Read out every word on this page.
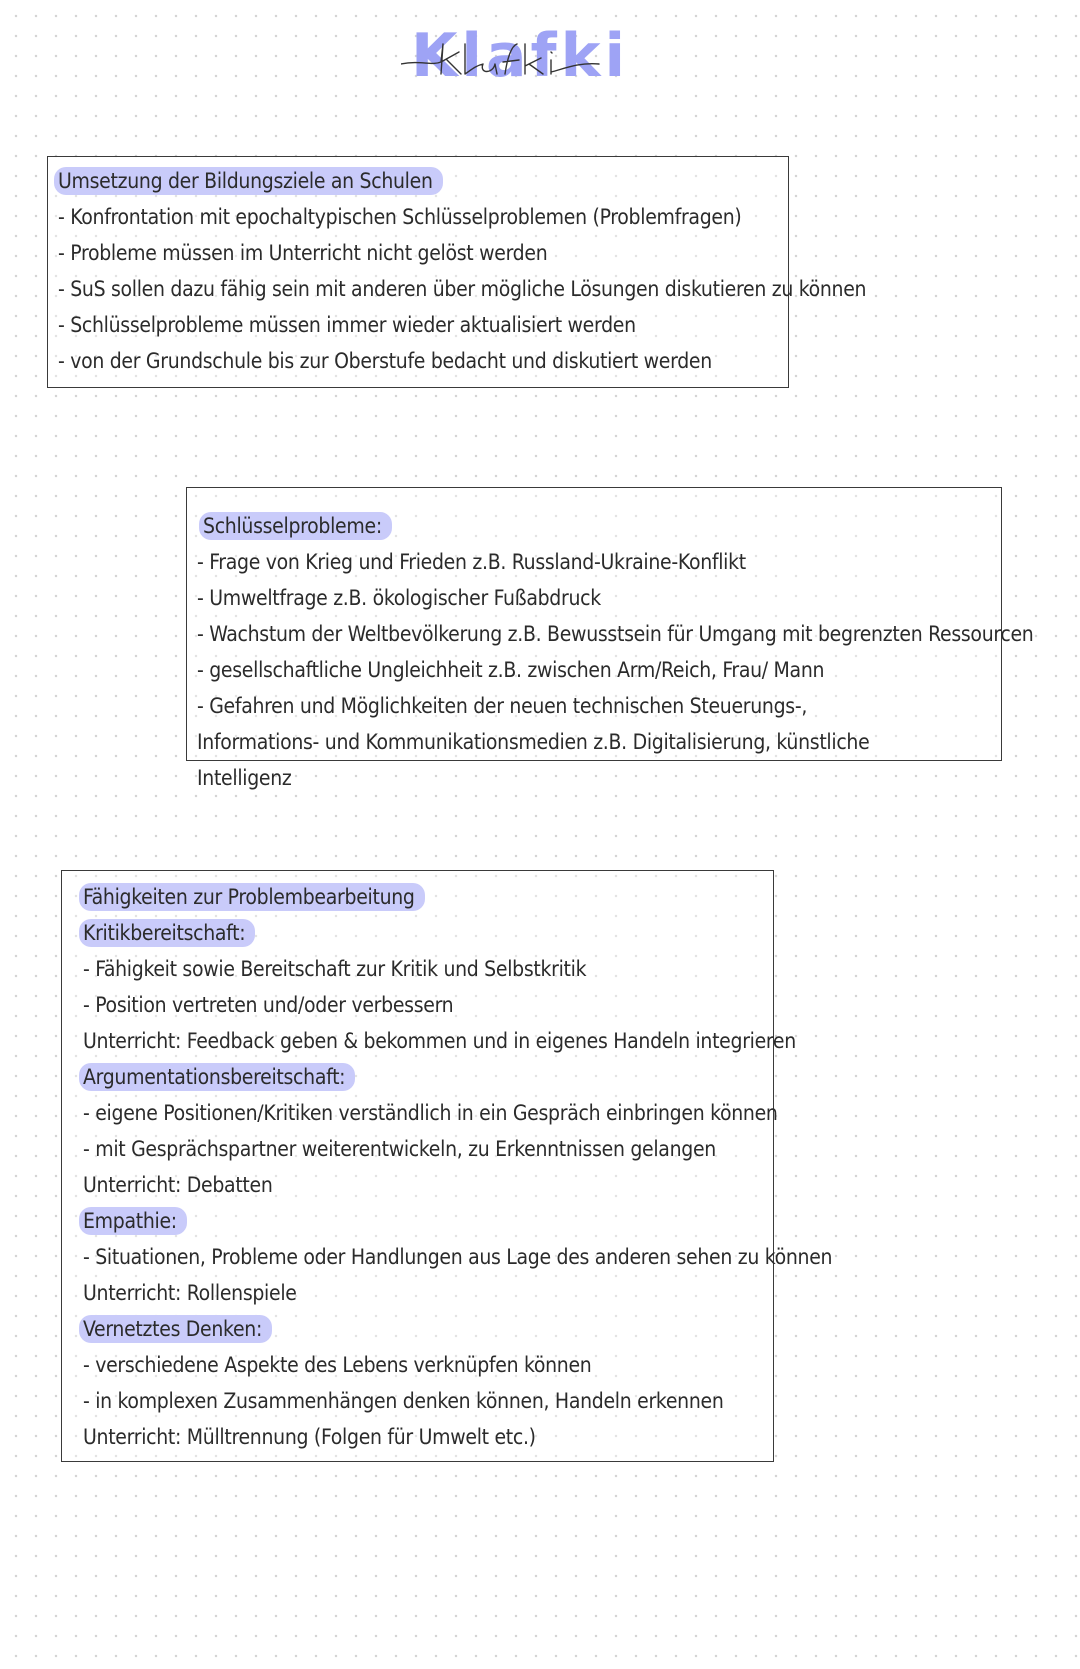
Klafki
Umsetzung der Bildungsziele an Schulen
- Konfrontation mit epochaltypischen Schlüsselproblemen (Problemfragen)
- Probleme müssen im Unterricht nicht gelöst werden
- SuS sollen dazu fähig sein mit anderen über mögliche Lösungen diskutieren zu können
- Schlüsselprobleme müssen immer wieder aktualisiert werden
- von der Grundschule bis zur Oberstufe bedacht und diskutiert werden
Schlüsselprobleme:
- Frage von Krieg und Frieden z.B. Russland-Ukraine-Konflikt
- Umweltfrage z.B. ökologischer Fußabdruck
- Wachstum der Weltbevölkerung z.B. Bewusstsein für Umgang mit begrenzten Ressourcen
- gesellschaftliche Ungleichheit z.B. zwischen Arm/Reich, Frau/ Mann
- Gefahren und Möglichkeiten der neuen technischen Steuerungs-, Informations- und Kommunikationsmedien z.B. Digitalisierung, künstliche Intelligenz
Fähigkeiten zur Problembearbeitung
Kritikbereitschaft:
- Fähigkeit sowie Bereitschaft zur Kritik und Selbstkritik
- Position vertreten und/oder verbessern
Unterricht: Feedback geben & bekommen und in eigenes Handeln integrieren
Argumentationsbereitschaft:
- eigene Positionen/Kritiken verständlich in ein Gespräch einbringen können
- mit Gesprächspartner weiterentwickeln, zu Erkenntnissen gelangen
Unterricht: Debatten
Empathie:
- Situationen, Probleme oder Handlungen aus Lage des anderen sehen zu können
Unterricht: Rollenspiele
Vernetztes Denken:
- verschiedene Aspekte des Lebens verknüpfen können
- in komplexen Zusammenhängen denken können, Handeln erkennen
Unterricht: Mülltrennung (Folgen für Umwelt etc.)
